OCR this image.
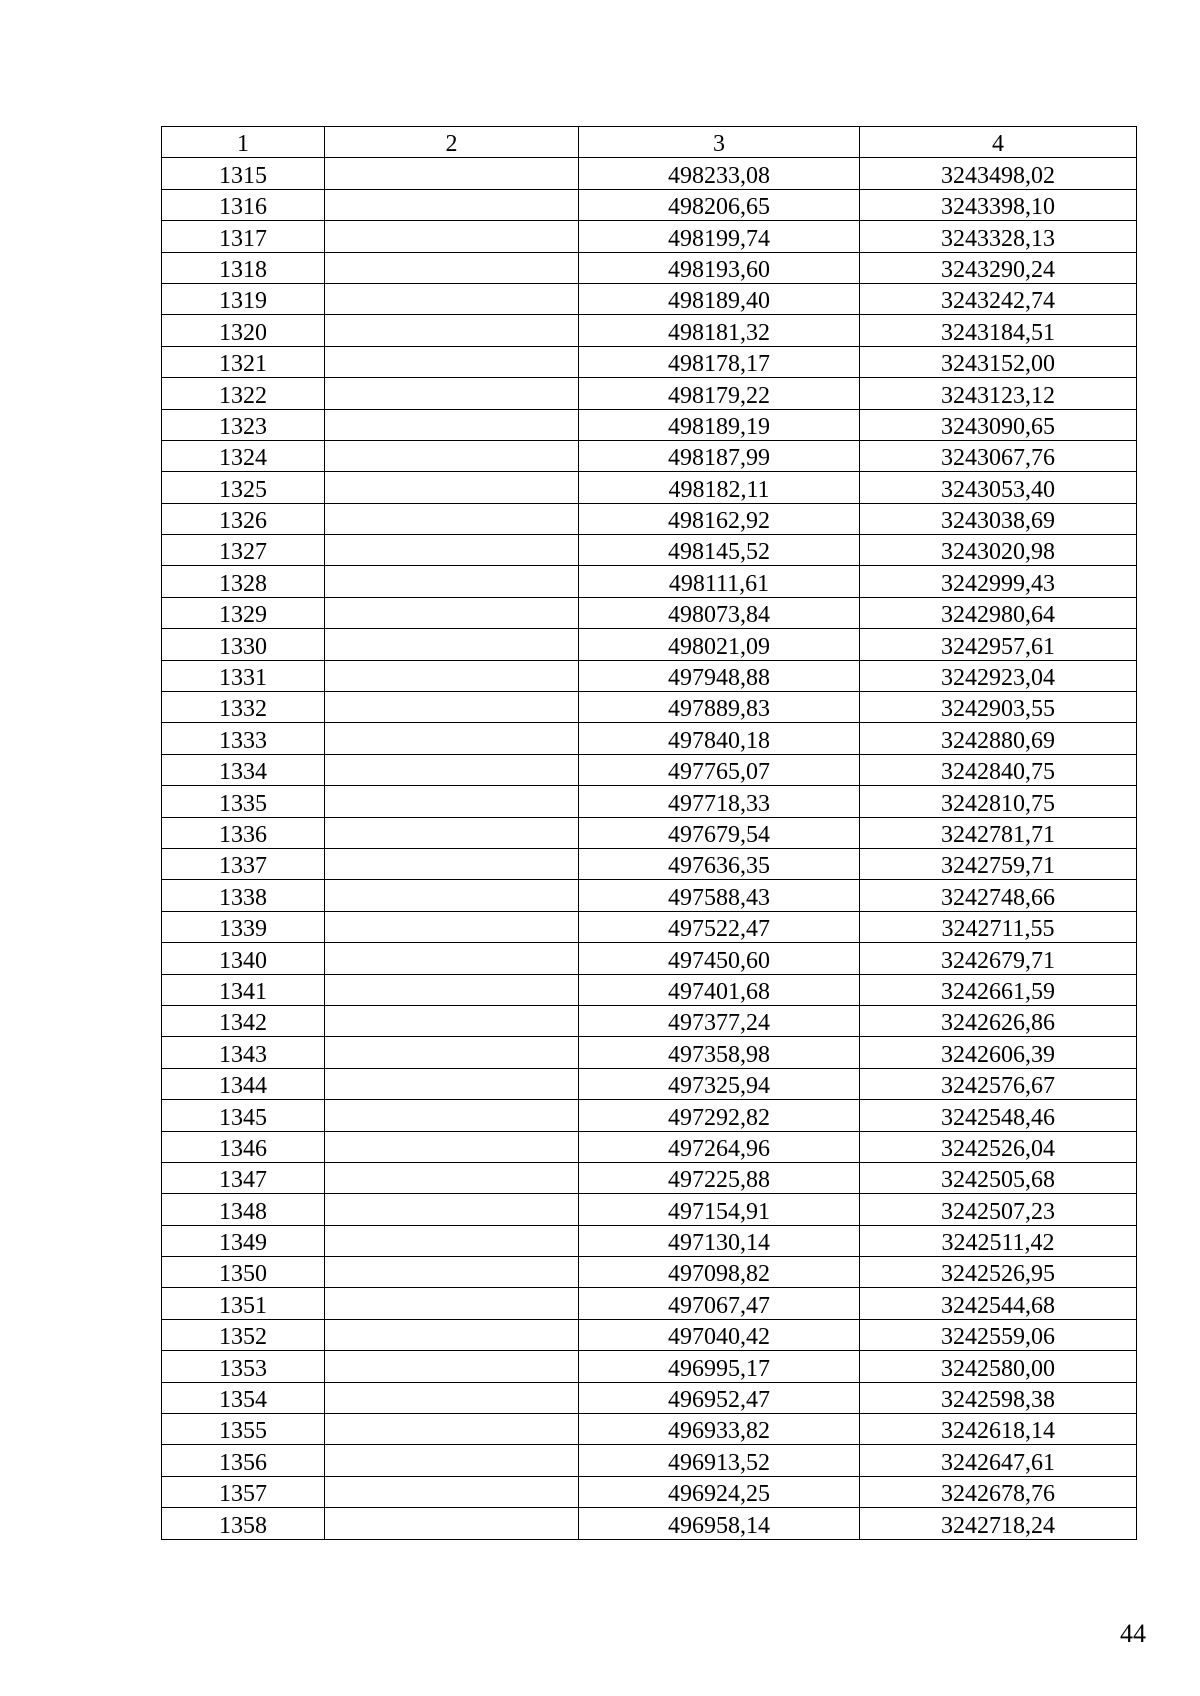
1	2	3	4
1315		498233,08	3243498,02
1316		498206,65	3243398,10
1317		498199,74	3243328,13
1318		498193,60	3243290,24
1319		498189,40	3243242,74
1320		498181,32	3243184,51
1321		498178,17	3243152,00
1322		498179,22	3243123,12
1323		498189,19	3243090,65
1324		498187,99	3243067,76
1325		498182,11	3243053,40
1326		498162,92	3243038,69
1327		498145,52	3243020,98
1328		498111,61	3242999,43
1329		498073,84	3242980,64
1330		498021,09	3242957,61
1331		497948,88	3242923,04
1332		497889,83	3242903,55
1333		497840,18	3242880,69
1334		497765,07	3242840,75
1335		497718,33	3242810,75
1336		497679,54	3242781,71
1337		497636,35	3242759,71
1338		497588,43	3242748,66
1339		497522,47	3242711,55
1340		497450,60	3242679,71
1341		497401,68	3242661,59
1342		497377,24	3242626,86
1343		497358,98	3242606,39
1344		497325,94	3242576,67
1345		497292,82	3242548,46
1346		497264,96	3242526,04
1347		497225,88	3242505,68
1348		497154,91	3242507,23
1349		497130,14	3242511,42
1350		497098,82	3242526,95
1351		497067,47	3242544,68
1352		497040,42	3242559,06
1353		496995,17	3242580,00
1354		496952,47	3242598,38
1355		496933,82	3242618,14
1356		496913,52	3242647,61
1357		496924,25	3242678,76
1358		496958,14	3242718,24
44
